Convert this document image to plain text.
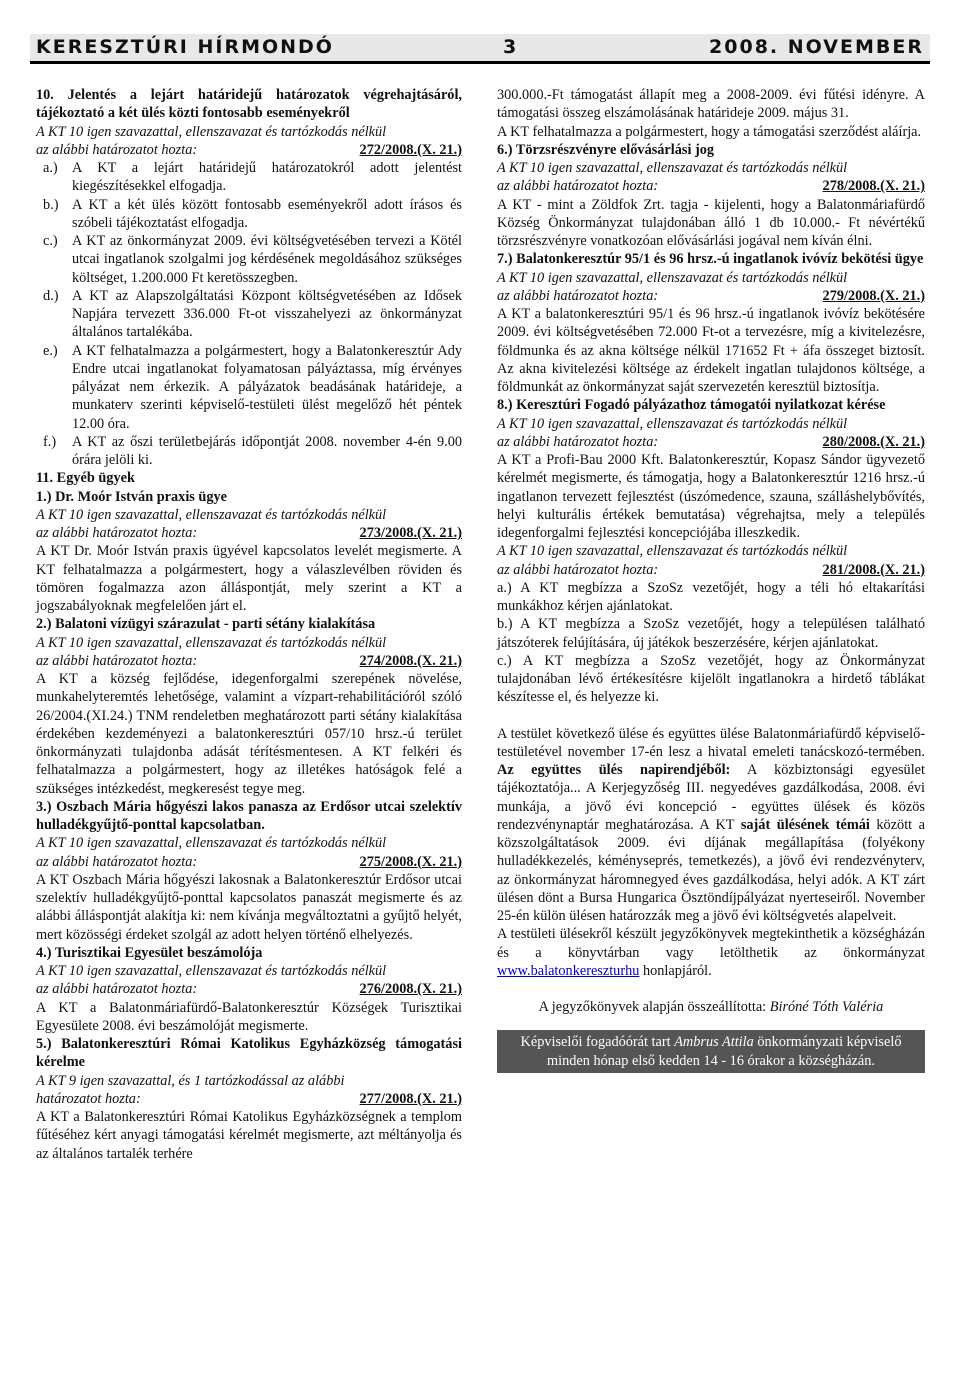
KERESZTÚRI HÍRMONDÓ	3	2008. NOVEMBER

10. Jelentés a lejárt határidejű határozatok végrehajtásáról, tájékoztató a két ülés közti fontosabb eseményekről

A KT 10 igen szavazattal, ellenszavazat és tartózkodás nélkül

az alábbi határozatot hozta:	272/2008.(X. 21.)
a.)	A KT a lejárt határidejű határozatokról adott jelentést kiegészítésekkel elfogadja.
b.) A KT a két ülés között fontosabb eseményekről adott írásos és szóbeli tájékoztatást elfogadja.
c.)	A KT az önkormányzat 2009. évi költségvetésében tervezi a Kötél utcai ingatlanok szolgalmi jog kérdésének megoldásához szükséges költséget, 1.200.000 Ft keretösszegben.
d.) A KT az Alapszolgáltatási Központ költségvetésében az Idősek Napjára tervezett 336.000 Ft-ot visszahelyezi az önkormányzat általános tartalékába.
e.)	A KT felhatalmazza a polgármestert, hogy a Balatonkeresztúr Ady Endre utcai ingatlanokat folyamatosan pályáztassa, míg érvényes pályázat nem érkezik. A pályázatok beadásának határideje, a munkaterv szerinti képviselő-testületi ülést megelőző hét péntek 12.00 óra.
f.)	A KT az őszi területbejárás időpontját 2008. november 4-én 9.00 órára jelöli ki.

11. Egyéb ügyek

1.) Dr. Moór István praxis ügye

A KT 10 igen szavazattal, ellenszavazat és tartózkodás nélkül

az alábbi határozatot hozta:	273/2008.(X. 21.)

A KT Dr. Moór István praxis ügyével kapcsolatos levelét megismerte. A KT felhatalmazza a polgármestert, hogy a válaszlevélben röviden és tömören fogalmazza azon álláspontját, mely szerint a KT a jogszabályoknak megfelelően járt el.

2.) Balatoni vízügyi szárazulat - parti sétány kialakítása

A KT 10 igen szavazattal, ellenszavazat és tartózkodás nélkül

az alábbi határozatot hozta:	274/2008.(X. 21.)

A KT a község fejlődése, idegenforgalmi szerepének növelése, munkahelyteremtés lehetősége, valamint a vízpart-rehabilitációról szóló 26/2004.(XI.24.) TNM rendeletben meghatározott parti sétány kialakítása érdekében kezdeményezi a balatonkeresztúri 057/10 hrsz.-ú terület önkormányzati tulajdonba adását térítésmentesen. A KT felkéri és felhatalmazza a polgármestert, hogy az illetékes hatóságok felé a szükséges intézkedést, megkeresést tegye meg.

3.) Oszbach Mária hőgyészi lakos panasza az Erdősor utcai szelektív hulladékgyűjtő-ponttal kapcsolatban.

A KT 10 igen szavazattal, ellenszavazat és tartózkodás nélkül

az alábbi határozatot hozta:	275/2008.(X. 21.)

A KT Oszbach Mária hőgyészi lakosnak a Balatonkeresztúr Erdősor utcai szelektív hulladékgyűjtő-ponttal kapcsolatos panaszát megismerte és az alábbi álláspontját alakítja ki: nem kívánja megváltoztatni a gyűjtő helyét, mert közösségi érdeket szolgál az adott helyen történő elhelyezés.

4.) Turisztikai Egyesület beszámolója

A KT 10 igen szavazattal, ellenszavazat és tartózkodás nélkül

az alábbi határozatot hozta:	276/2008.(X. 21.)

A KT a Balatonmáriafürdő-Balatonkeresztúr Községek Turisztikai Egyesülete 2008. évi beszámolóját megismerte.

5.) Balatonkeresztúri Római Katolikus Egyházközség támogatási kérelme

A KT 9 igen szavazattal, és 1 tartózkodással az alábbi

határozatot hozta:	277/2008.(X. 21.)

A KT a Balatonkeresztúri Római Katolikus Egyházközségnek a templom fűtéséhez kért anyagi támogatási kérelmét megismerte, azt méltányolja és az általános tartalék terhére

300.000.-Ft támogatást állapít meg a 2008-2009. évi fűtési idényre. A támogatási összeg elszámolásának határideje 2009. május 31.

A KT felhatalmazza a polgármestert, hogy a támogatási szerződést aláírja.

6.) Törzsrészvényre elővásárlási jog

A KT 10 igen szavazattal, ellenszavazat és tartózkodás nélkül

az alábbi határozatot hozta:	278/2008.(X. 21.)

A KT - mint a Zöldfok Zrt. tagja - kijelenti, hogy a Balatonmáriafürdő Község Önkormányzat tulajdonában álló 1 db 10.000.- Ft névértékű törzsrészvényre vonatkozóan elővásárlási jogával nem kíván élni.

7.) Balatonkeresztúr 95/1 és 96 hrsz.-ú ingatlanok ivóvíz bekötési ügye

A KT 10 igen szavazattal, ellenszavazat és tartózkodás nélkül

az alábbi határozatot hozta:	279/2008.(X. 21.)

A KT a balatonkeresztúri 95/1 és 96 hrsz.-ú ingatlanok ivóvíz bekötésére 2009. évi költségvetésében 72.000 Ft-ot a tervezésre, míg a kivitelezésre, földmunka és az akna költsége nélkül 171652 Ft + áfa összeget biztosít. Az akna kivitelezési költsége az érdekelt ingatlan tulajdonos költsége, a földmunkát az önkormányzat saját szervezetén keresztül biztosítja.

8.) Keresztúri Fogadó pályázathoz támogatói nyilatkozat kérése

A KT 10 igen szavazattal, ellenszavazat és tartózkodás nélkül

az alábbi határozatot hozta:	280/2008.(X. 21.)

A KT a Profi-Bau 2000 Kft. Balatonkeresztúr, Kopasz Sándor ügyvezető kérelmét megismerte, és támogatja, hogy a Balatonkeresztúr 1216 hrsz.-ú ingatlanon tervezett fejlesztést (úszómedence, szauna, szálláshelybővítés, helyi kulturális értékek bemutatása) végrehajtsa, mely a település idegenforgalmi fejlesztési koncepciójába illeszkedik.

A KT 10 igen szavazattal, ellenszavazat és tartózkodás nélkül

az alábbi határozatot hozta:	281/2008.(X. 21.)

a.) A KT megbízza a SzoSz vezetőjét, hogy a téli hó eltakarítási munkákhoz kérjen ajánlatokat.

b.) A KT megbízza a SzoSz vezetőjét, hogy a településen található játszóterek felújítására, új játékok beszerzésére, kérjen ajánlatokat.

c.) A KT megbízza a SzoSz vezetőjét, hogy az Önkormányzat tulajdonában lévő értékesítésre kijelölt ingatlanokra a hirdető táblákat készítesse el, és helyezze ki.

A testület következő ülése és együttes ülése Balatonmáriafürdő képviselő-testületével november 17-én lesz a hivatal emeleti tanácskozó-termében. Az együttes ülés napirendjéből: A közbiztonsági egyesület tájékoztatója... A Kerjegyzőség III. negyedéves gazdálkodása, 2008. évi munkája, a jövő évi koncepció - együttes ülések és közös rendezvénynaptár meghatározása. A KT saját ülésének témái között a közszolgáltatások 2009. évi díjának megállapítása (folyékony hulladékkezelés, kéményseprés, temetkezés), a jövő évi rendezvényterv, az önkormányzat háromnegyed éves gazdálkodása, helyi adók. A KT zárt ülésen dönt a Bursa Hungarica Ösztöndíjpályázat nyerteseiről. November 25-én külön ülésen határozzák meg a jövő évi költségvetés alapelveit.

A testületi ülésekről készült jegyzőkönyvek megtekinthetik a községházán és a könyvtárban vagy letölthetik az önkormányzat www.balatonkereszturhu honlapjáról.

A jegyzőkönyvek alapján összeállította: Biróné Tóth Valéria

Képviselői fogadóórát tart Ambrus Attila önkormányzati képviselő minden hónap első kedden 14 - 16 órakor a községházán.
